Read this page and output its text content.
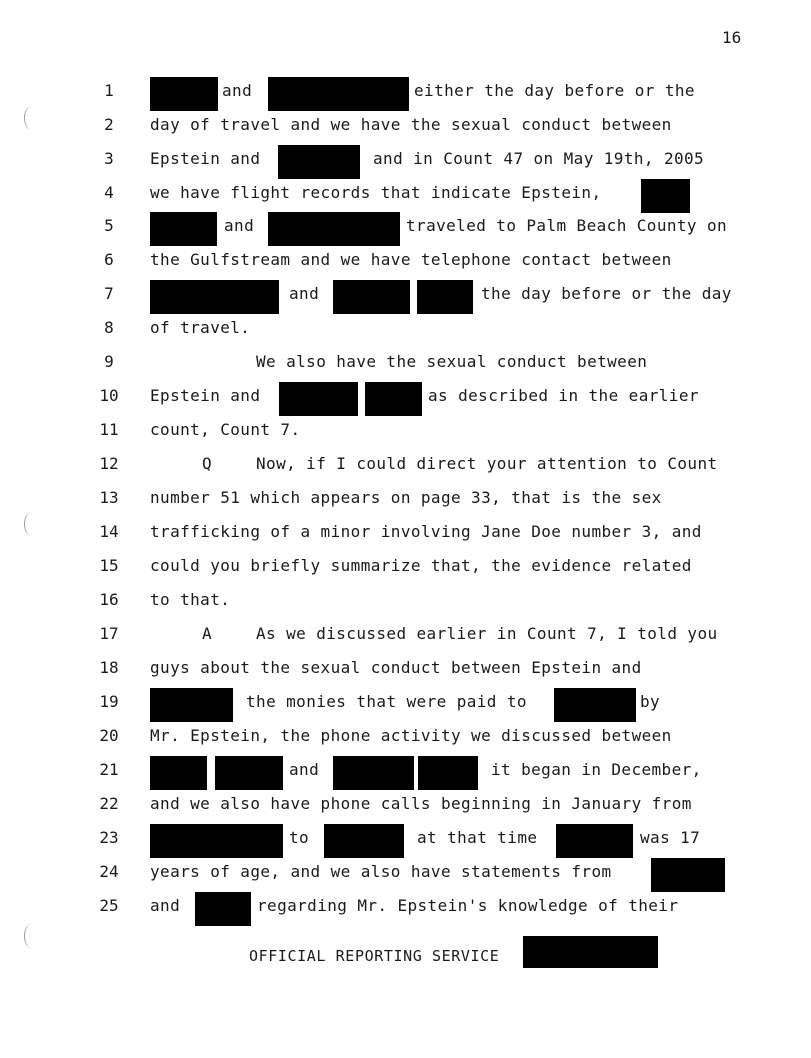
16
1	and	either the day before or the
2	day of travel and we have the sexual conduct between
3	Epstein and	and in Count 47 on May 19th, 2005
4	we have flight records that indicate Epstein,
5	and	traveled to Palm Beach County on
6	the Gulfstream and we have telephone contact between
7	and	the day before or the day
8	of travel.
9	We also have the sexual conduct between
10 Epstein and	as described in the earlier
11 count, Count 7.
12	Q	Now, if I could direct your attention to Count
13 number 51 which appears on page 33, that is the sex
14 trafficking of a minor involving Jane Doe number 3, and
15 could you briefly summarize that, the evidence related
16 to that.
17	A	As we discussed earlier in Count 7, I told you
18 guys about the sexual conduct between Epstein and
19	the monies that were paid to	by
20 Mr. Epstein, the phone activity we discussed between
21	and	it began in December,
22 and we also have phone calls beginning in January from
23	to	at that time	was 17
24 years of age, and we also have statements from
25 and	regarding Mr. Epstein's knowledge of their
OFFICIAL REPORTING SERVICE
